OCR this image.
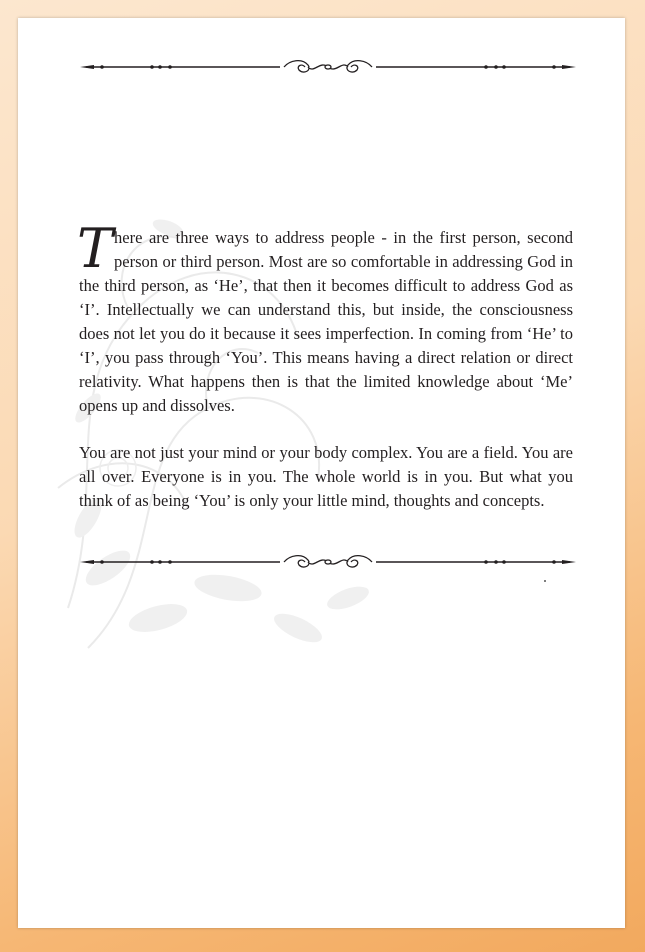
There are three ways to address people - in the first person, second person or third person. Most are so comfortable in addressing God in the third person, as ‘He’, that then it becomes difficult to address God as ‘I’. Intellectually we can understand this, but inside, the consciousness does not let you do it because it sees imperfection. In coming from ‘He’ to ‘I’, you pass through ‘You’. This means having a direct relation or direct relativity. What happens then is that the limited knowledge about ‘Me’ opens up and dissolves.

You are not just your mind or your body complex. You are a field. You are all over. Everyone is in you. The whole world is in you. But what you think of as being ‘You’ is only your little mind, thoughts and concepts.
